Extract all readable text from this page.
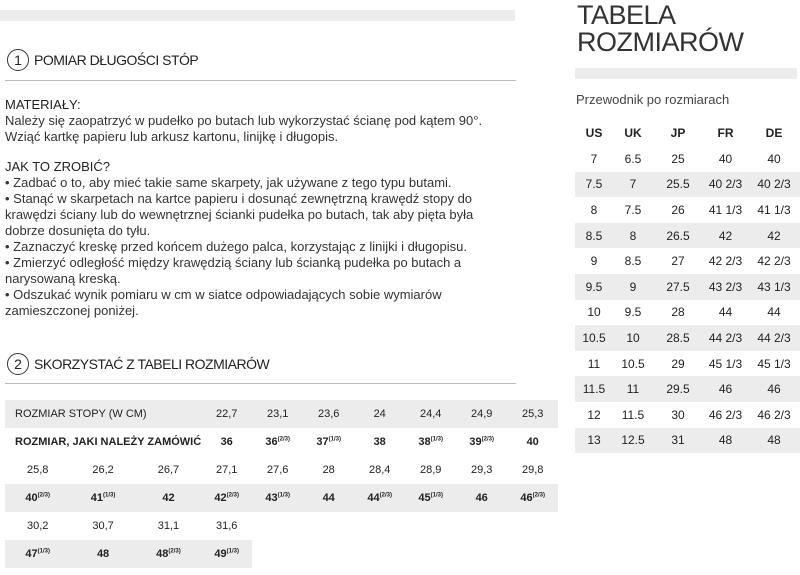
1 POMIAR DŁUGOŚCI STÓP
MATERIAŁY:
Należy się zaopatrzyć w pudełko po butach lub wykorzystać ścianę pod kątem 90°.
Wziąć kartkę papieru lub arkusz kartonu, linijkę i długopis.
JAK TO ZROBIĆ?
• Zadbać o to, aby mieć takie same skarpety, jak używane z tego typu butami.
• Stanąć w skarpetach na kartce papieru i dosunąć zewnętrzną krawędź stopy do
krawędzi ściany lub do wewnętrznej ścianki pudełka po butach, tak aby pięta była
dobrze dosunięta do tyłu.
• Zaznaczyć kreskę przed końcem dużego palca, korzystając z linijki i długopisu.
• Zmierzyć odległość między krawędzią ściany lub ścianką pudełka po butach a
narysowaną kreską.
• Odszukać wynik pomiaru w cm w siatce odpowiadających sobie wymiarów
zamieszczonej poniżej.
2 SKORZYSTAĆ Z TABELI ROZMIARÓW
ROZMIAR STOPY (W CM)			22,7	23,1	23,6	24	24,4	24,9	25,3
ROZMIAR, JAKI NALEŻY ZAMÓWIĆ			36	$36^{(2/3)}$	$37^{(1/3)}$	38	$38^{(1/3)}$	$39^{(2/3)}$	40
25,8	26,2	26,7	27,1	27,6	28	28,4	28,9	29,3	29,8
$40^{(2/3)}$	$41^{(1/3)}$	42	$42^{(2/3)}$	$43^{(1/3)}$	44	$44^{(2/3)}$	$45^{(1/3)}$	46	$46^{(2/3)}$
30,2	30,7	31,1	31,6						
$47^{(1/3)}$	48	$48^{(2/3)}$	$49^{(1/3)}$	
TABELA
ROZMIARÓW
Przewodnik po rozmiarach
US	UK	JP	FR	DE
7	6.5	25	40	40
7.5	7	25.5	40 2/3	40 2/3
8	7.5	26	41 1/3	41 1/3
8.5	8	26.5	42	42
9	8.5	27	42 2/3	42 2/3
9.5	9	27.5	43 2/3	43 1/3
10	9.5	28	44	44
10.5	10	28.5	44 2/3	44 2/3
11	10.5	29	45 1/3	45 1/3
11.5	11	29.5	46	46
12	11.5	30	46 2/3	46 2/3
13	12.5	31	48	48
